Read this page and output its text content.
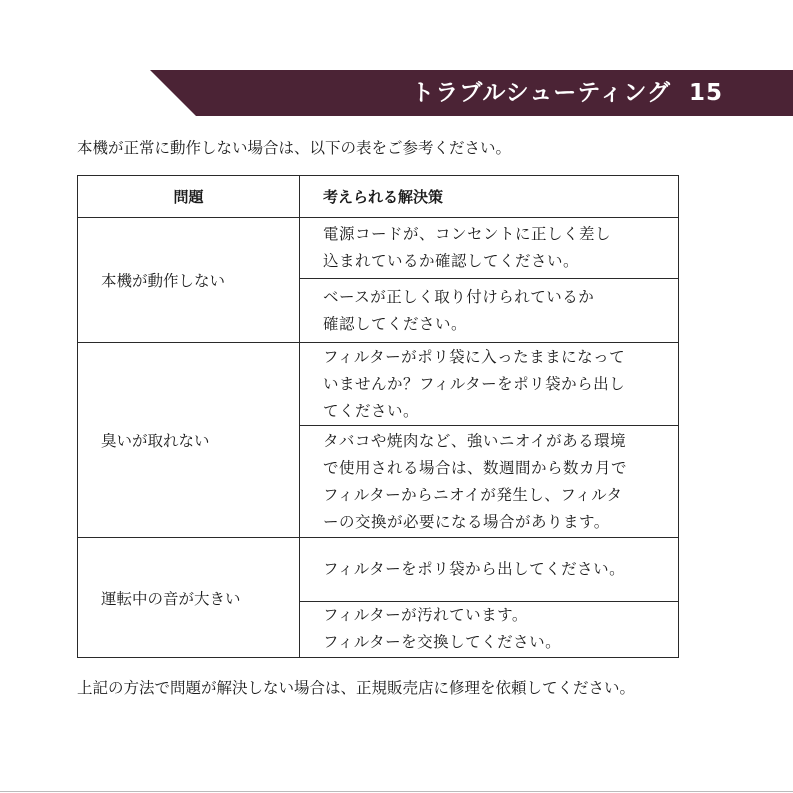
トラブルシューティング 15
本機が正常に動作しない場合は、以下の表をご参考ください。
問題	考えられる解決策
本機が動作しない	電源コードが、コンセントに正しく差し
込まれているか確認してください。

	ベースが正しく取り付けられているか
確認してください。

臭いが取れない	フィルターがポリ袋に入ったままになって
いませんか？フィルターをポリ袋から出し
てください。

	タバコや焼肉など、強いニオイがある環境
で使用される場合は、数週間から数カ月で
フィルターからニオイが発生し、フィルタ
ーの交換が必要になる場合があります。

運転中の音が大きい	フィルターをポリ袋から出してください。

	フィルターが汚れています。
フィルターを交換してください。
上記の方法で問題が解決しない場合は、正規販売店に修理を依頼してください。
